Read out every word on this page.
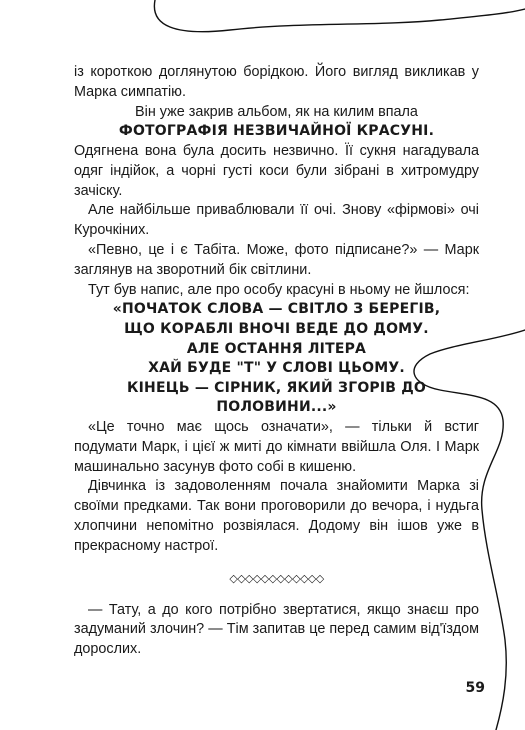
із короткою доглянутою борідкою. Його вигляд викликав у Марка симпатію.

Він уже закрив альбом, як на килим впала

ФОТОГРАФІЯ НЕЗВИЧАЙНОЇ КРАСУНІ.

Одягнена вона була досить незвично. Її сукня нагадувала одяг індійок, а чорні густі коси були зібрані в хитромудру зачіску.

Але найбільше приваблювали її очі. Знову «фірмові» очі Курочкіних.

«Певно, це і є Табіта. Може, фото підписане?» — Марк заглянув на зворотний бік світлини.

Тут був напис, але про особу красуні в ньому не йшлося:

«ПОЧАТОК СЛОВА — СВІТЛО З БЕРЕГІВ,
ЩО КОРАБЛІ ВНОЧІ ВЕДЕ ДО ДОМУ.
АЛЕ ОСТАННЯ ЛІТЕРА
ХАЙ БУДЕ "Т" У СЛОВІ ЦЬОМУ.
КІНЕЦЬ — СІРНИК, ЯКИЙ ЗГОРІВ ДО ПОЛОВИНИ...»

«Це точно має щось означати», — тільки й встиг подумати Марк, і цієї ж миті до кімнати ввійшла Оля. І Марк машинально засунув фото собі в кишеню.

Дівчинка із задоволенням почала знайомити Марка зі своїми предками. Так вони проговорили до вечора, і нудьга хлопчини непомітно розвіялася. Додому він ішов уже в прекрасному настрої.

◇◇◇◇◇◇◇◇◇◇◇◇

— Тату, а до кого потрібно звертатися, якщо знаєш про задуманий злочин? — Тім запитав це перед самим від'їздом дорослих.

59
